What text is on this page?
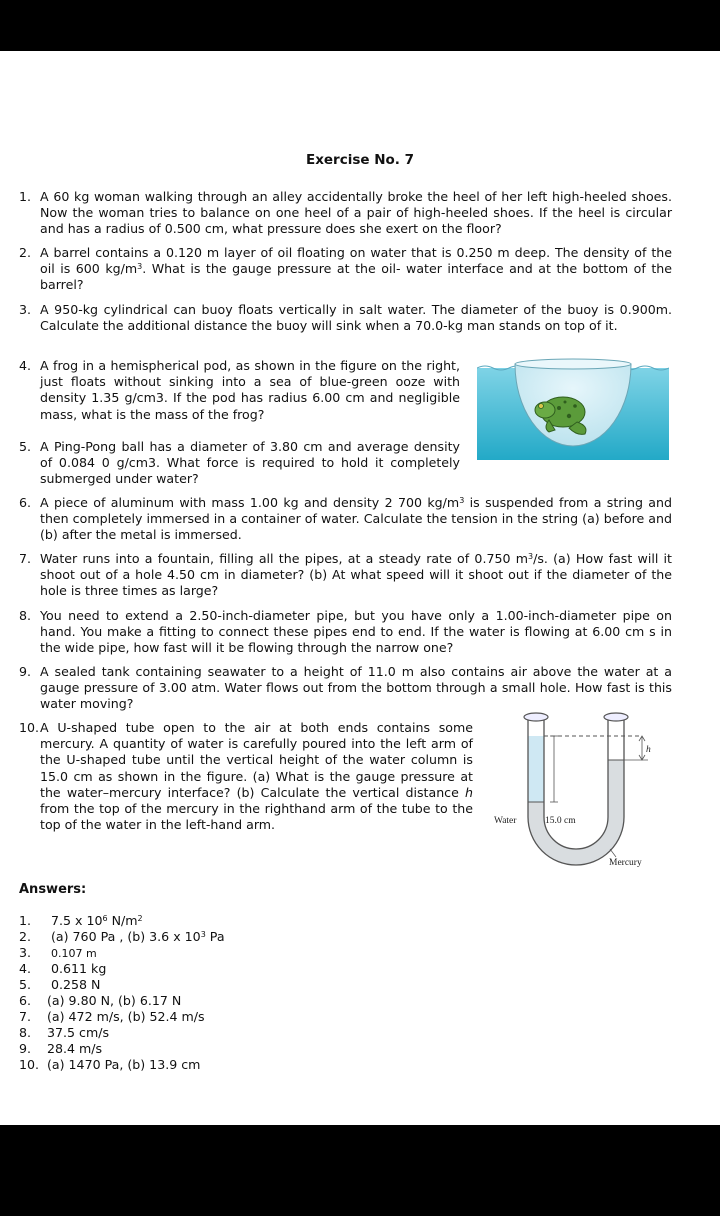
Exercise No. 7
1. A 60 kg woman walking through an alley accidentally broke the heel of her left high-heeled shoes. Now the woman tries to balance on one heel of a pair of high-heeled shoes. If the heel is circular and has a radius of 0.500 cm, what pressure does she exert on the floor?
2. A barrel contains a 0.120 m layer of oil floating on water that is 0.250 m deep. The density of the oil is 600 $kg/m^3$. What is the gauge pressure at the oil- water interface and at the bottom of the barrel?
3. A 950-kg cylindrical can buoy floats vertically in salt water. The diameter of the buoy is 0.900m. Calculate the additional distance the buoy will sink when a 70.0-kg man stands on top of it.
4. A frog in a hemispherical pod, as shown in the figure on the right, just floats without sinking into a sea of blue-green ooze with density 1.35 g/cm3. If the pod has radius 6.00 cm and negligible mass, what is the mass of the frog?
5. A Ping-Pong ball has a diameter of 3.80 cm and average density of 0.084 0 g/cm3. What force is required to hold it completely submerged under water?
6. A piece of aluminum with mass 1.00 kg and density 2 700 $kg/m^3$ is suspended from a string and then completely immersed in a container of water. Calculate the tension in the string (a) before and (b) after the metal is immersed.
7. Water runs into a fountain, filling all the pipes, at a steady rate of 0.750 $m^3/s$. (a) How fast will it shoot out of a hole 4.50 cm in diameter? (b) At what speed will it shoot out if the diameter of the hole is three times as large?
8. You need to extend a 2.50-inch-diameter pipe, but you have only a 1.00-inch-diameter pipe on hand. You make a fitting to connect these pipes end to end. If the water is flowing at 6.00 cm s in the wide pipe, how fast will it be flowing through the narrow one?
9. A sealed tank containing seawater to a height of 11.0 m also contains air above the water at a gauge pressure of 3.00 atm. Water flows out from the bottom through a small hole. How fast is this water moving?
10. A U-shaped tube open to the air at both ends contains some mercury. A quantity of water is carefully poured into the left arm of the U-shaped tube until the vertical height of the water column is 15.0 cm as shown in the figure. (a) What is the gauge pressure at the water–mercury interface? (b) Calculate the vertical distance h from the top of the mercury in the righthand arm of the tube to the top of the water in the left-hand arm.	Water	15.0 cm
h
Mercury
Answers:
1. 7.5 x $10^6$ $N/m^2$
2. (a) 760 Pa , (b) 3.6 x $10^3$ Pa
3. 0.107 m
4. 0.611 kg
5. 0.258 N
6. (a) 9.80 N, (b) 6.17 N
7. (a) 472 m/s, (b) 52.4 m/s
8. 37.5 cm/s
9. 28.4 m/s
10. (a) 1470 Pa, (b) 13.9 cm
